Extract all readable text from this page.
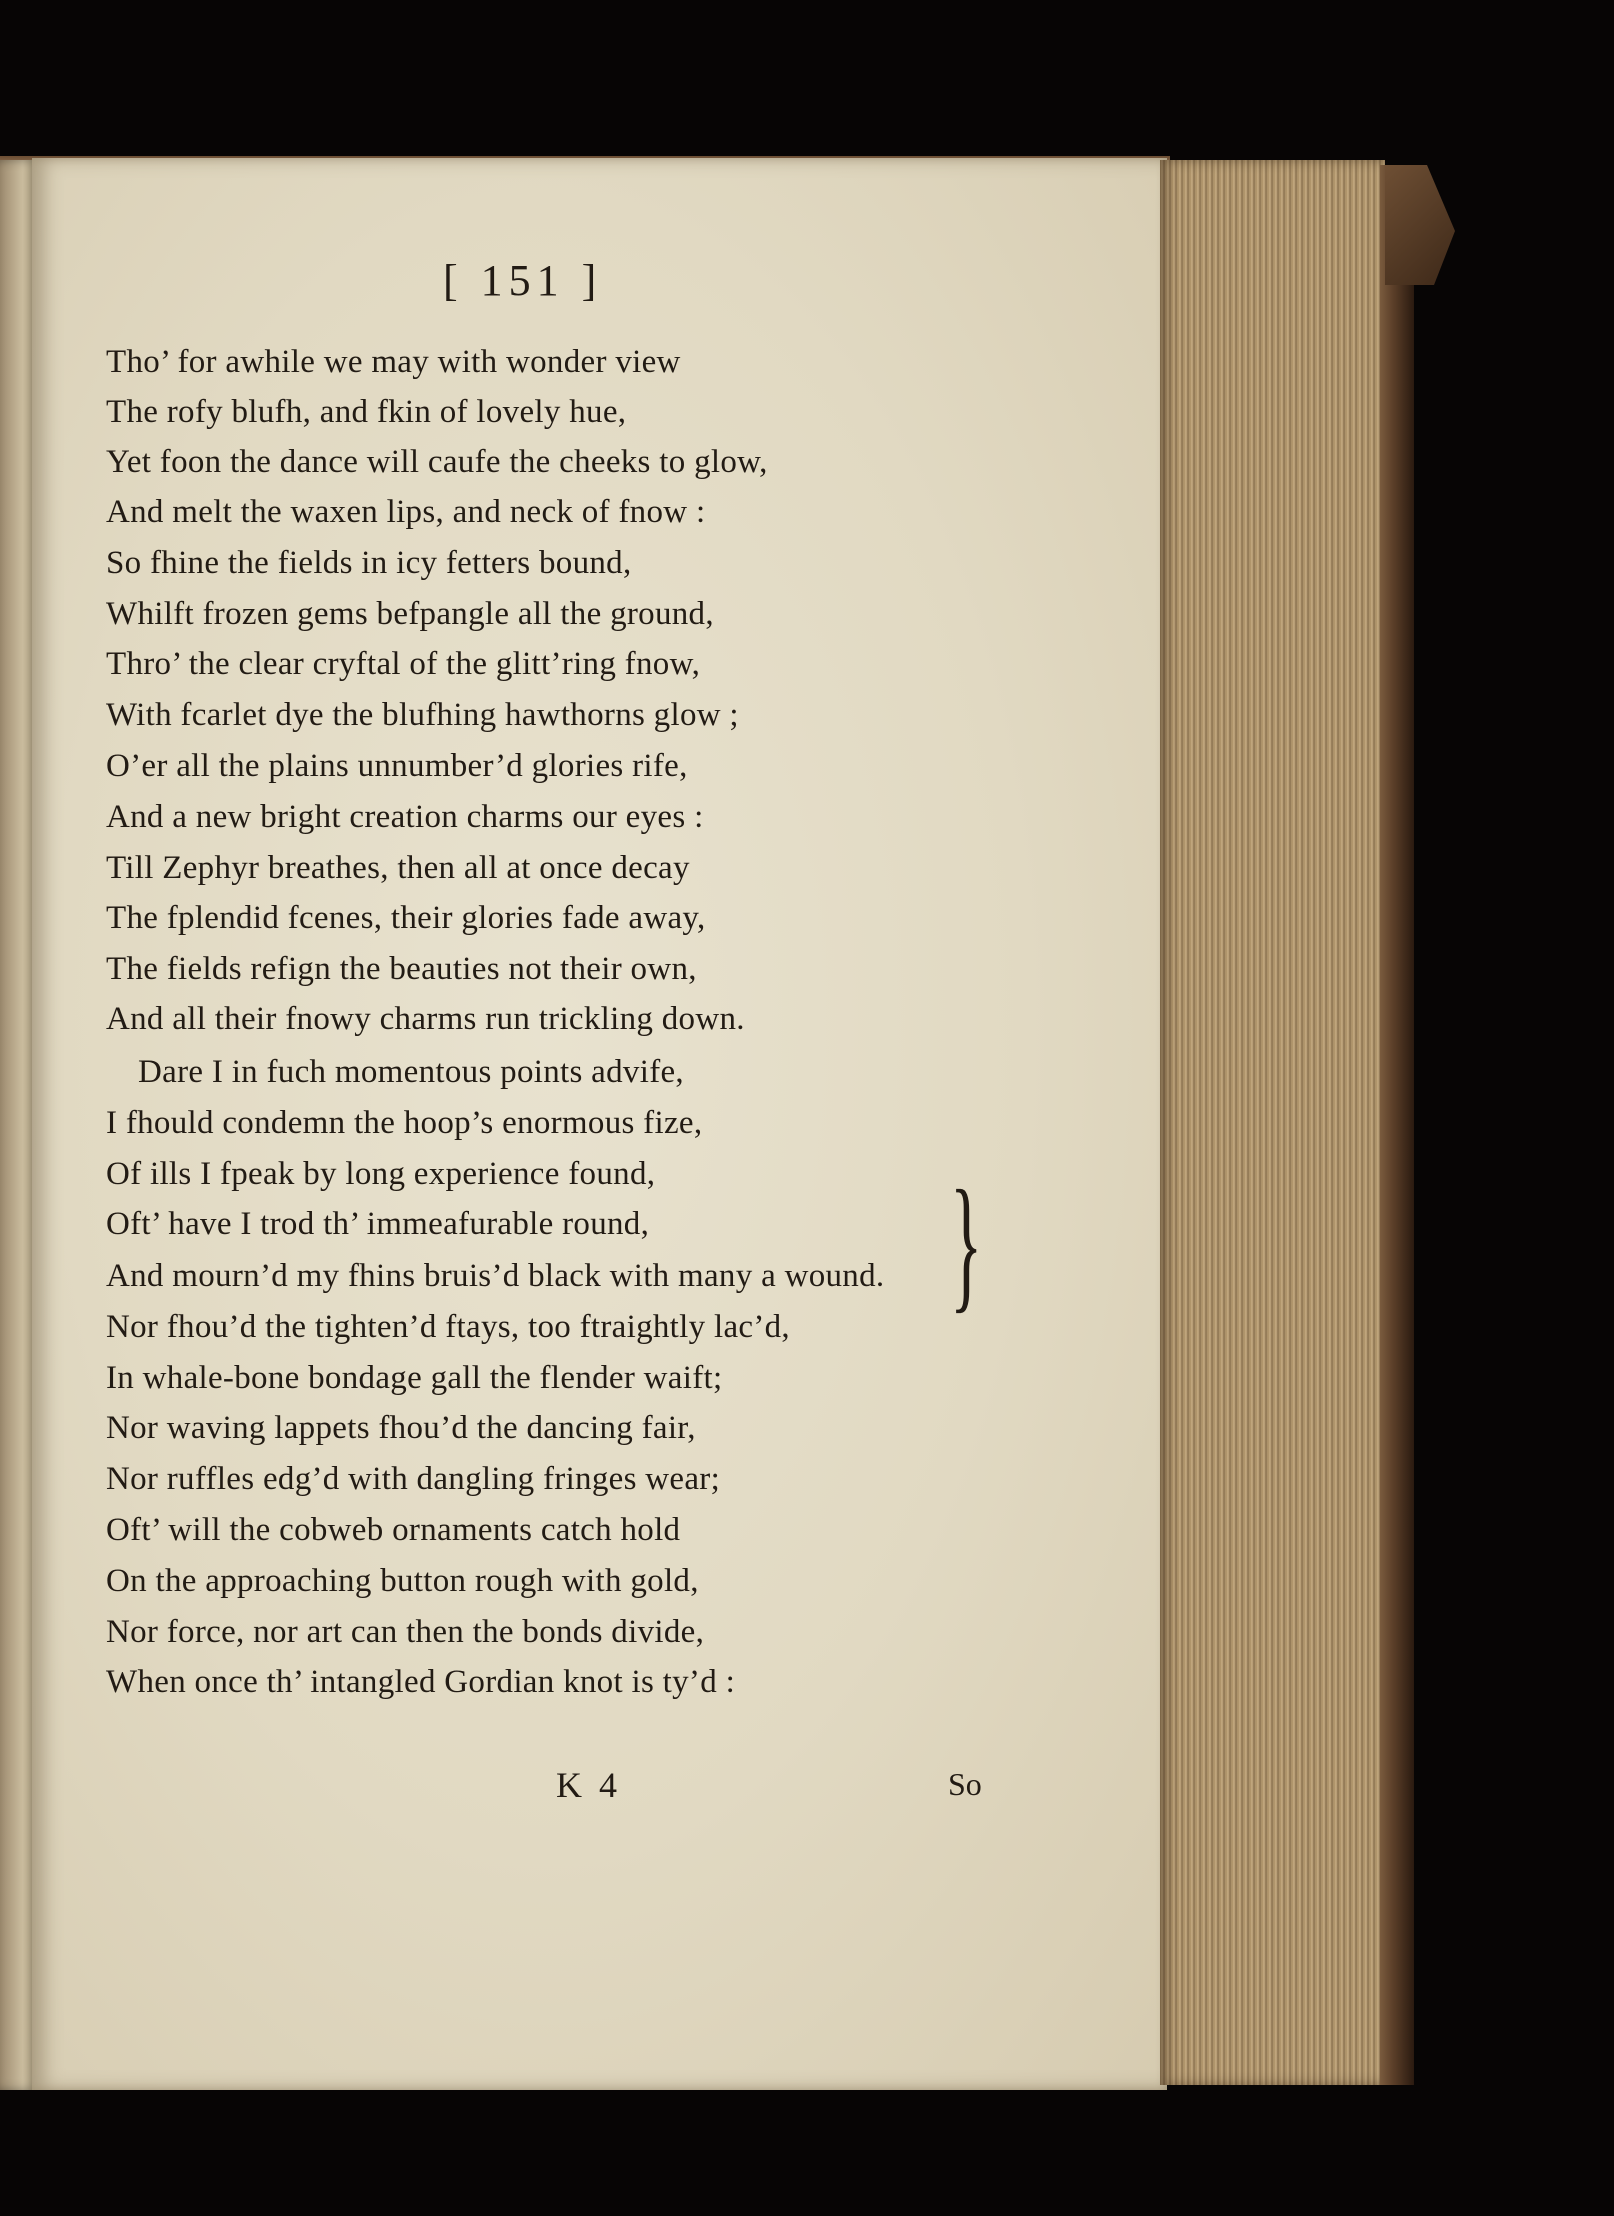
[ 151 ]
Tho’ for awhile we may with wonder view
The rofy blufh, and fkin of lovely hue,
Yet foon the dance will caufe the cheeks to glow,
And melt the waxen lips, and neck of fnow :
So fhine the fields in icy fetters bound,
Whilft frozen gems befpangle all the ground,
Thro’ the clear cryftal of the glitt’ring fnow,
With fcarlet dye the blufhing hawthorns glow ;
O’er all the plains unnumber’d glories rife,
And a new bright creation charms our eyes :
Till Zephyr breathes, then all at once decay
The fplendid fcenes, their glories fade away,
The fields refign the beauties not their own,
And all their fnowy charms run trickling down.
Dare I in fuch momentous points advife,
I fhould condemn the hoop’s enormous fize,
Of ills I fpeak by long experience found,
Oft’ have I trod th’ immeafurable round,
And mourn’d my fhins bruis’d black with many a wound.
Nor fhou’d the tighten’d ftays, too ftraightly lac’d,
In whale-bone bondage gall the flender waift;
Nor waving lappets fhou’d the dancing fair,
Nor ruffles edg’d with dangling fringes wear;
Oft’ will the cobweb ornaments catch hold
On the approaching button rough with gold,
Nor force, nor art can then the bonds divide,
When once th’ intangled Gordian knot is ty’d :
}
K 4	So
